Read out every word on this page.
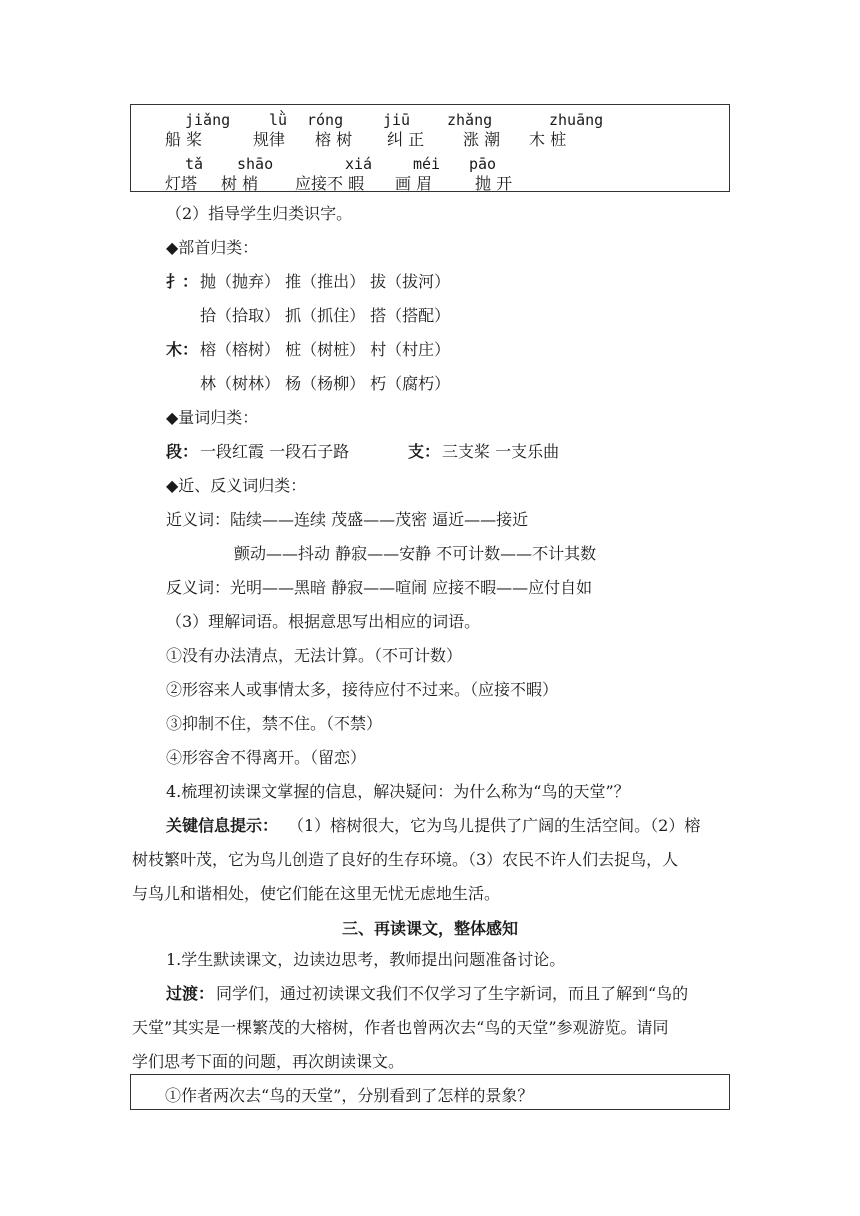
jiǎng
船 桨
lǜ
规律
róng
榕 树
jiū
纠 正
zhǎng
涨 潮
zhuāng
木 桩
tǎ
灯塔
shāo
树 梢
xiá
应接不 暇
méi
画 眉
pāo
抛 开
（2）指导学生归类识字。
◆部首归类：
扌： 抛（抛弃） 推（推出） 拔（拔河）
拾（拾取） 抓（抓住） 搭（搭配）
木： 榕（榕树） 桩（树桩） 村（村庄）
林（树林） 杨（杨柳） 朽（腐朽）
◆量词归类：
段： 一段红霞 一段石子路	支： 三支桨 一支乐曲
◆近、反义词归类：
近义词：陆续——连续 茂盛——茂密 逼近——接近
颤动——抖动 静寂——安静 不可计数——不计其数
反义词：光明——黑暗 静寂——喧闹 应接不暇——应付自如
（3）理解词语。根据意思写出相应的词语。
①没有办法清点，无法计算。（不可计数）
②形容来人或事情太多，接待应付不过来。（应接不暇）
③抑制不住，禁不住。（不禁）
④形容舍不得离开。（留恋）
4.梳理初读课文掌握的信息，解决疑问：为什么称为“鸟的天堂”？
关键信息提示： （1）榕树很大，它为鸟儿提供了广阔的生活空间。（2）榕
树枝繁叶茂，它为鸟儿创造了良好的生存环境。（3）农民不许人们去捉鸟，人
与鸟儿和谐相处，使它们能在这里无忧无虑地生活。
三、再读课文，整体感知
1.学生默读课文，边读边思考，教师提出问题准备讨论。
过渡： 同学们，通过初读课文我们不仅学习了生字新词，而且了解到“鸟的
天堂”其实是一棵繁茂的大榕树，作者也曾两次去“鸟的天堂”参观游览。请同
学们思考下面的问题，再次朗读课文。
①作者两次去“鸟的天堂”，分别看到了怎样的景象？
